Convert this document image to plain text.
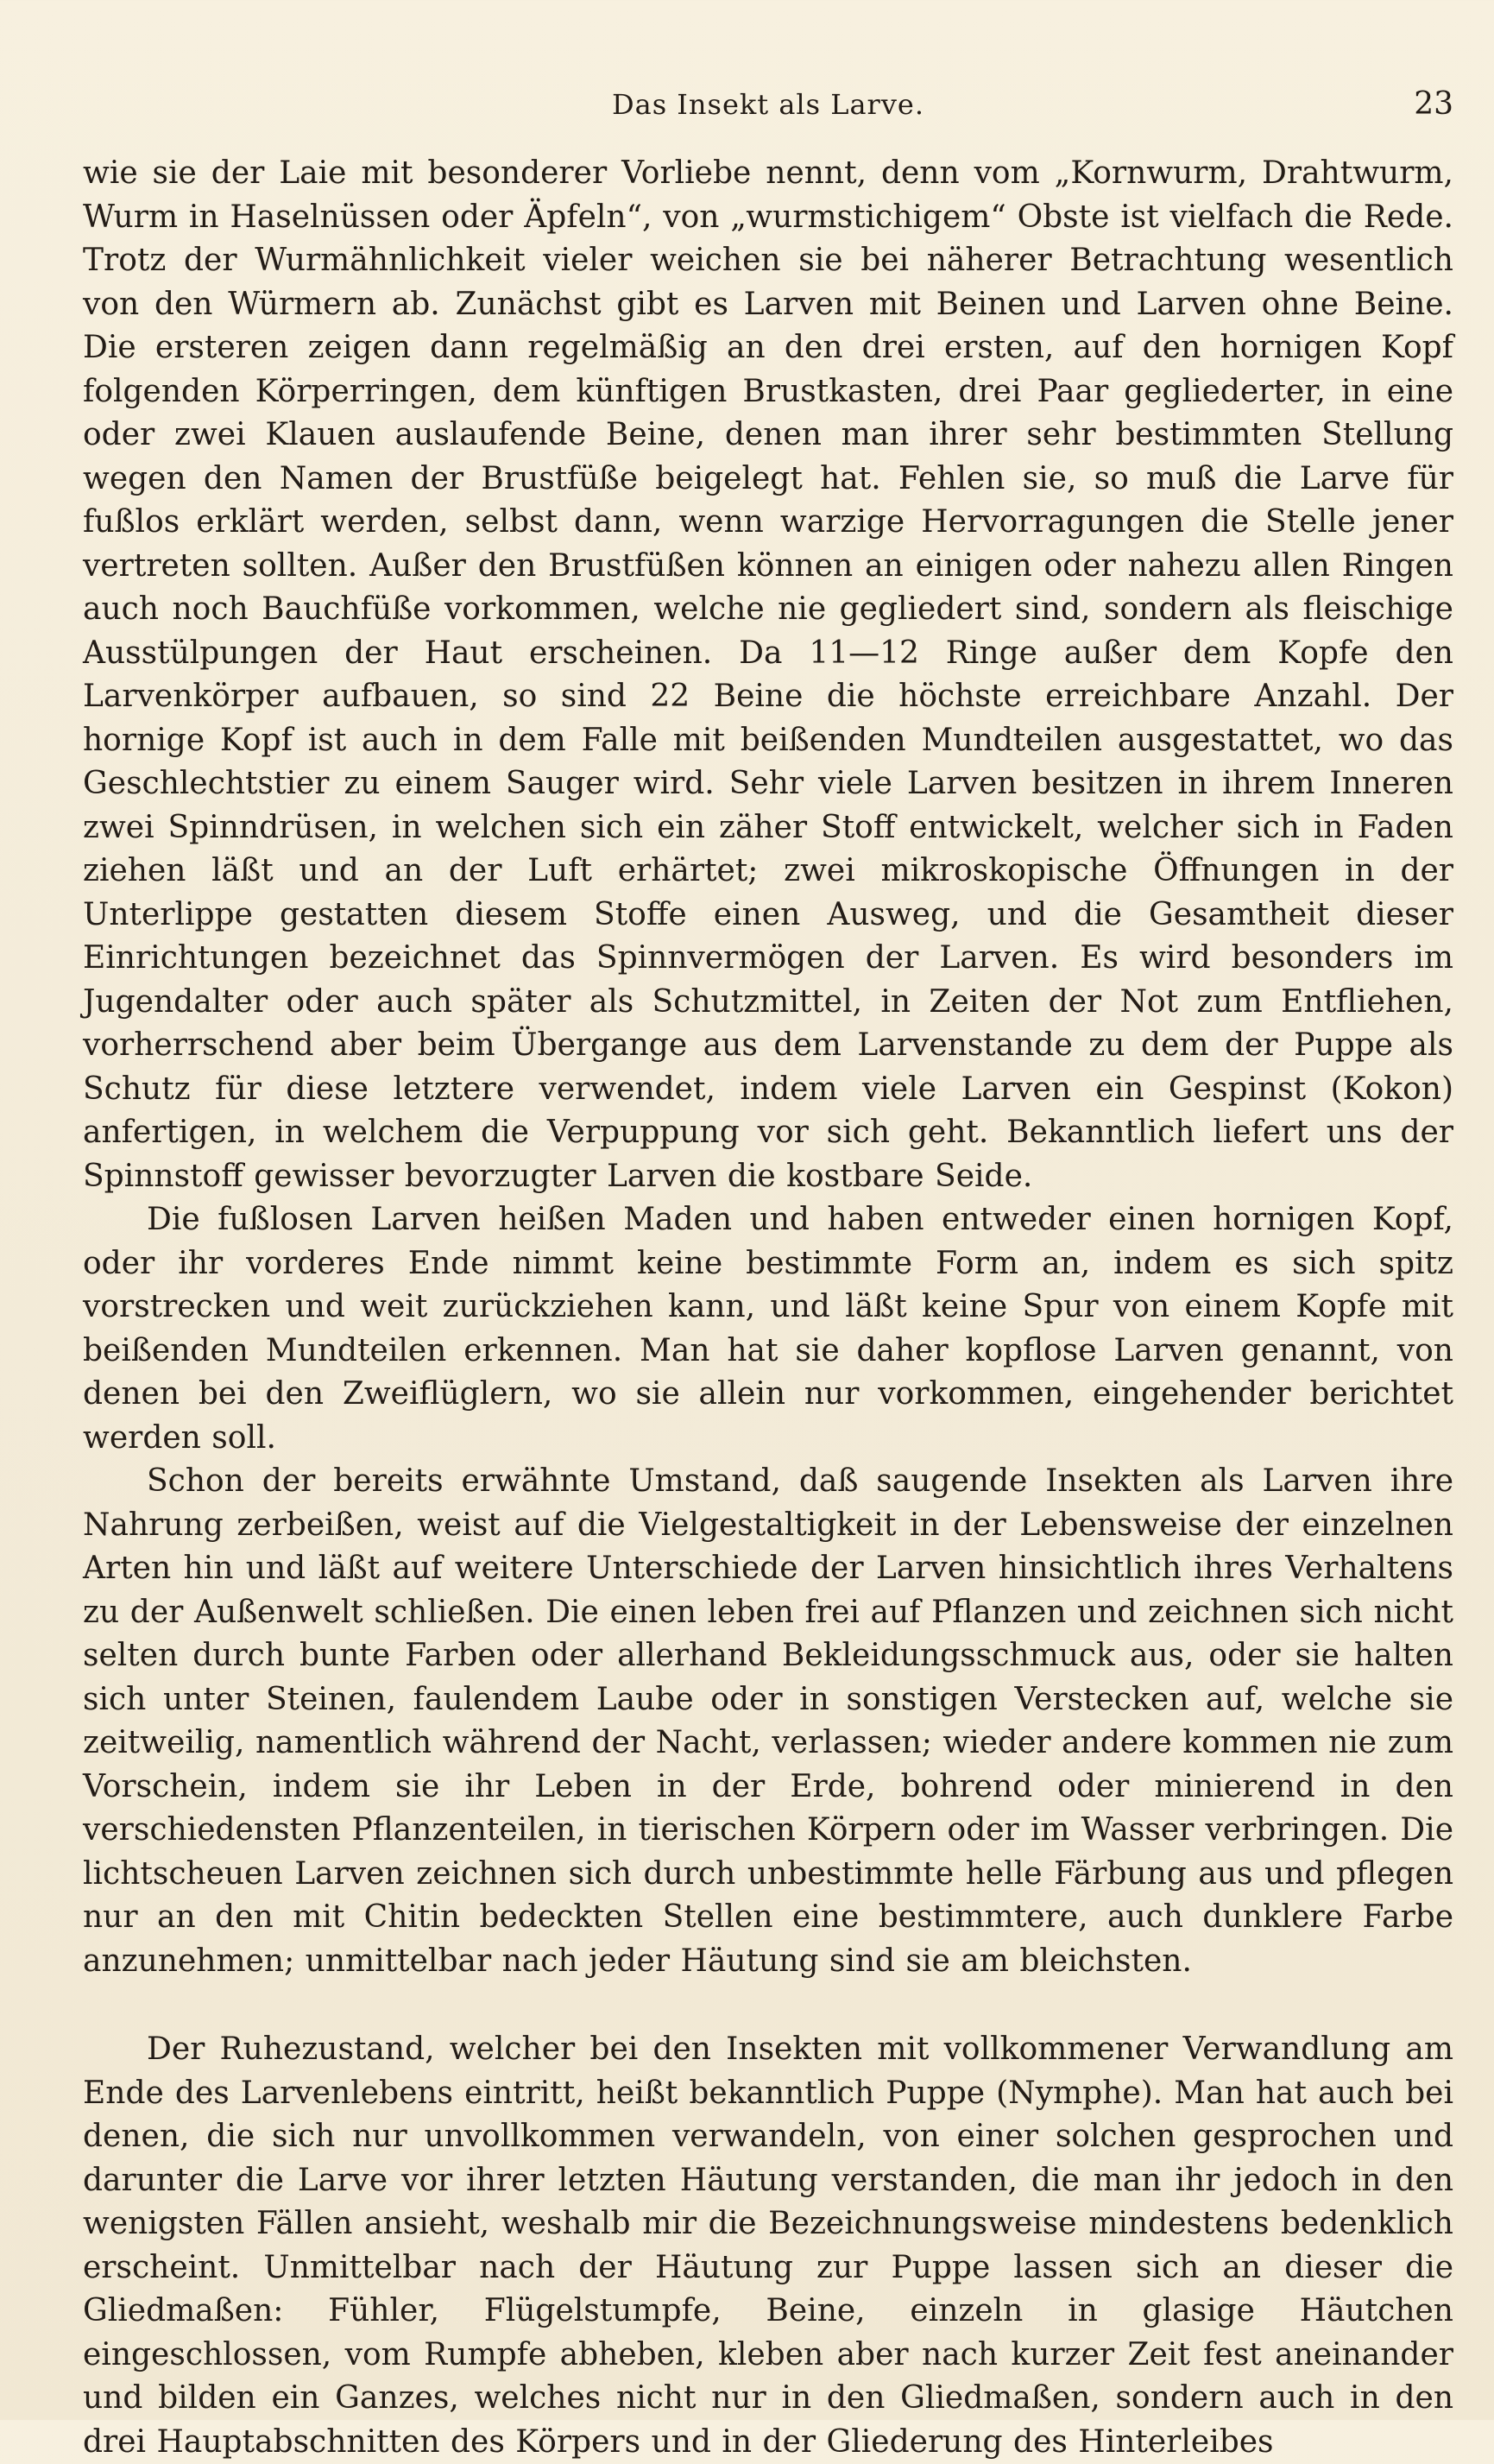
Das Insekt als Larve.	23

wie sie der Laie mit besonderer Vorliebe nennt, denn vom „Kornwurm, Drahtwurm, Wurm in Haselnüssen oder Äpfeln“, von „wurmstichigem“ Obste ist vielfach die Rede. Trotz der Wurmähnlichkeit vieler weichen sie bei näherer Betrachtung wesentlich von den Würmern ab. Zunächst gibt es Larven mit Beinen und Larven ohne Beine. Die ersteren zeigen dann regelmäßig an den drei ersten, auf den hornigen Kopf folgenden Körperringen, dem künftigen Brustkasten, drei Paar gegliederter, in eine oder zwei Klauen auslaufende Beine, denen man ihrer sehr bestimmten Stellung wegen den Namen der Brustfüße beigelegt hat. Fehlen sie, so muß die Larve für fußlos erklärt werden, selbst dann, wenn warzige Hervorragungen die Stelle jener vertreten sollten. Außer den Brustfüßen können an einigen oder nahezu allen Ringen auch noch Bauchfüße vorkommen, welche nie gegliedert sind, sondern als fleischige Ausstülpungen der Haut erscheinen. Da 11—12 Ringe außer dem Kopfe den Larvenkörper aufbauen, so sind 22 Beine die höchste erreichbare Anzahl. Der hornige Kopf ist auch in dem Falle mit beißenden Mundteilen ausgestattet, wo das Geschlechtstier zu einem Sauger wird. Sehr viele Larven besitzen in ihrem Inneren zwei Spinndrüsen, in welchen sich ein zäher Stoff entwickelt, welcher sich in Faden ziehen läßt und an der Luft erhärtet; zwei mikroskopische Öffnungen in der Unterlippe gestatten diesem Stoffe einen Ausweg, und die Gesamtheit dieser Einrichtungen bezeichnet das Spinnvermögen der Larven. Es wird besonders im Jugendalter oder auch später als Schutzmittel, in Zeiten der Not zum Entfliehen, vorherrschend aber beim Übergange aus dem Larvenstande zu dem der Puppe als Schutz für diese letztere verwendet, indem viele Larven ein Gespinst (Kokon) anfertigen, in welchem die Verpuppung vor sich geht. Bekanntlich liefert uns der Spinnstoff gewisser bevorzugter Larven die kostbare Seide.

Die fußlosen Larven heißen Maden und haben entweder einen hornigen Kopf, oder ihr vorderes Ende nimmt keine bestimmte Form an, indem es sich spitz vorstrecken und weit zurückziehen kann, und läßt keine Spur von einem Kopfe mit beißenden Mundteilen erkennen. Man hat sie daher kopflose Larven genannt, von denen bei den Zweiflüglern, wo sie allein nur vorkommen, eingehender berichtet werden soll.

Schon der bereits erwähnte Umstand, daß saugende Insekten als Larven ihre Nahrung zerbeißen, weist auf die Vielgestaltigkeit in der Lebensweise der einzelnen Arten hin und läßt auf weitere Unterschiede der Larven hinsichtlich ihres Verhaltens zu der Außenwelt schließen. Die einen leben frei auf Pflanzen und zeichnen sich nicht selten durch bunte Farben oder allerhand Bekleidungsschmuck aus, oder sie halten sich unter Steinen, faulendem Laube oder in sonstigen Verstecken auf, welche sie zeitweilig, namentlich während der Nacht, verlassen; wieder andere kommen nie zum Vorschein, indem sie ihr Leben in der Erde, bohrend oder minierend in den verschiedensten Pflanzenteilen, in tierischen Körpern oder im Wasser verbringen. Die lichtscheuen Larven zeichnen sich durch unbestimmte helle Färbung aus und pflegen nur an den mit Chitin bedeckten Stellen eine bestimmtere, auch dunklere Farbe anzunehmen; unmittelbar nach jeder Häutung sind sie am bleichsten.

Der Ruhezustand, welcher bei den Insekten mit vollkommener Verwandlung am Ende des Larvenlebens eintritt, heißt bekanntlich Puppe (Nymphe). Man hat auch bei denen, die sich nur unvollkommen verwandeln, von einer solchen gesprochen und darunter die Larve vor ihrer letzten Häutung verstanden, die man ihr jedoch in den wenigsten Fällen ansieht, weshalb mir die Bezeichnungsweise mindestens bedenklich erscheint. Unmittelbar nach der Häutung zur Puppe lassen sich an dieser die Gliedmaßen: Fühler, Flügelstumpfe, Beine, einzeln in glasige Häutchen eingeschlossen, vom Rumpfe abheben, kleben aber nach kurzer Zeit fest aneinander und bilden ein Ganzes, welches nicht nur in den Gliedmaßen, sondern auch in den drei Hauptabschnitten des Körpers und in der Gliederung des Hinterleibes
